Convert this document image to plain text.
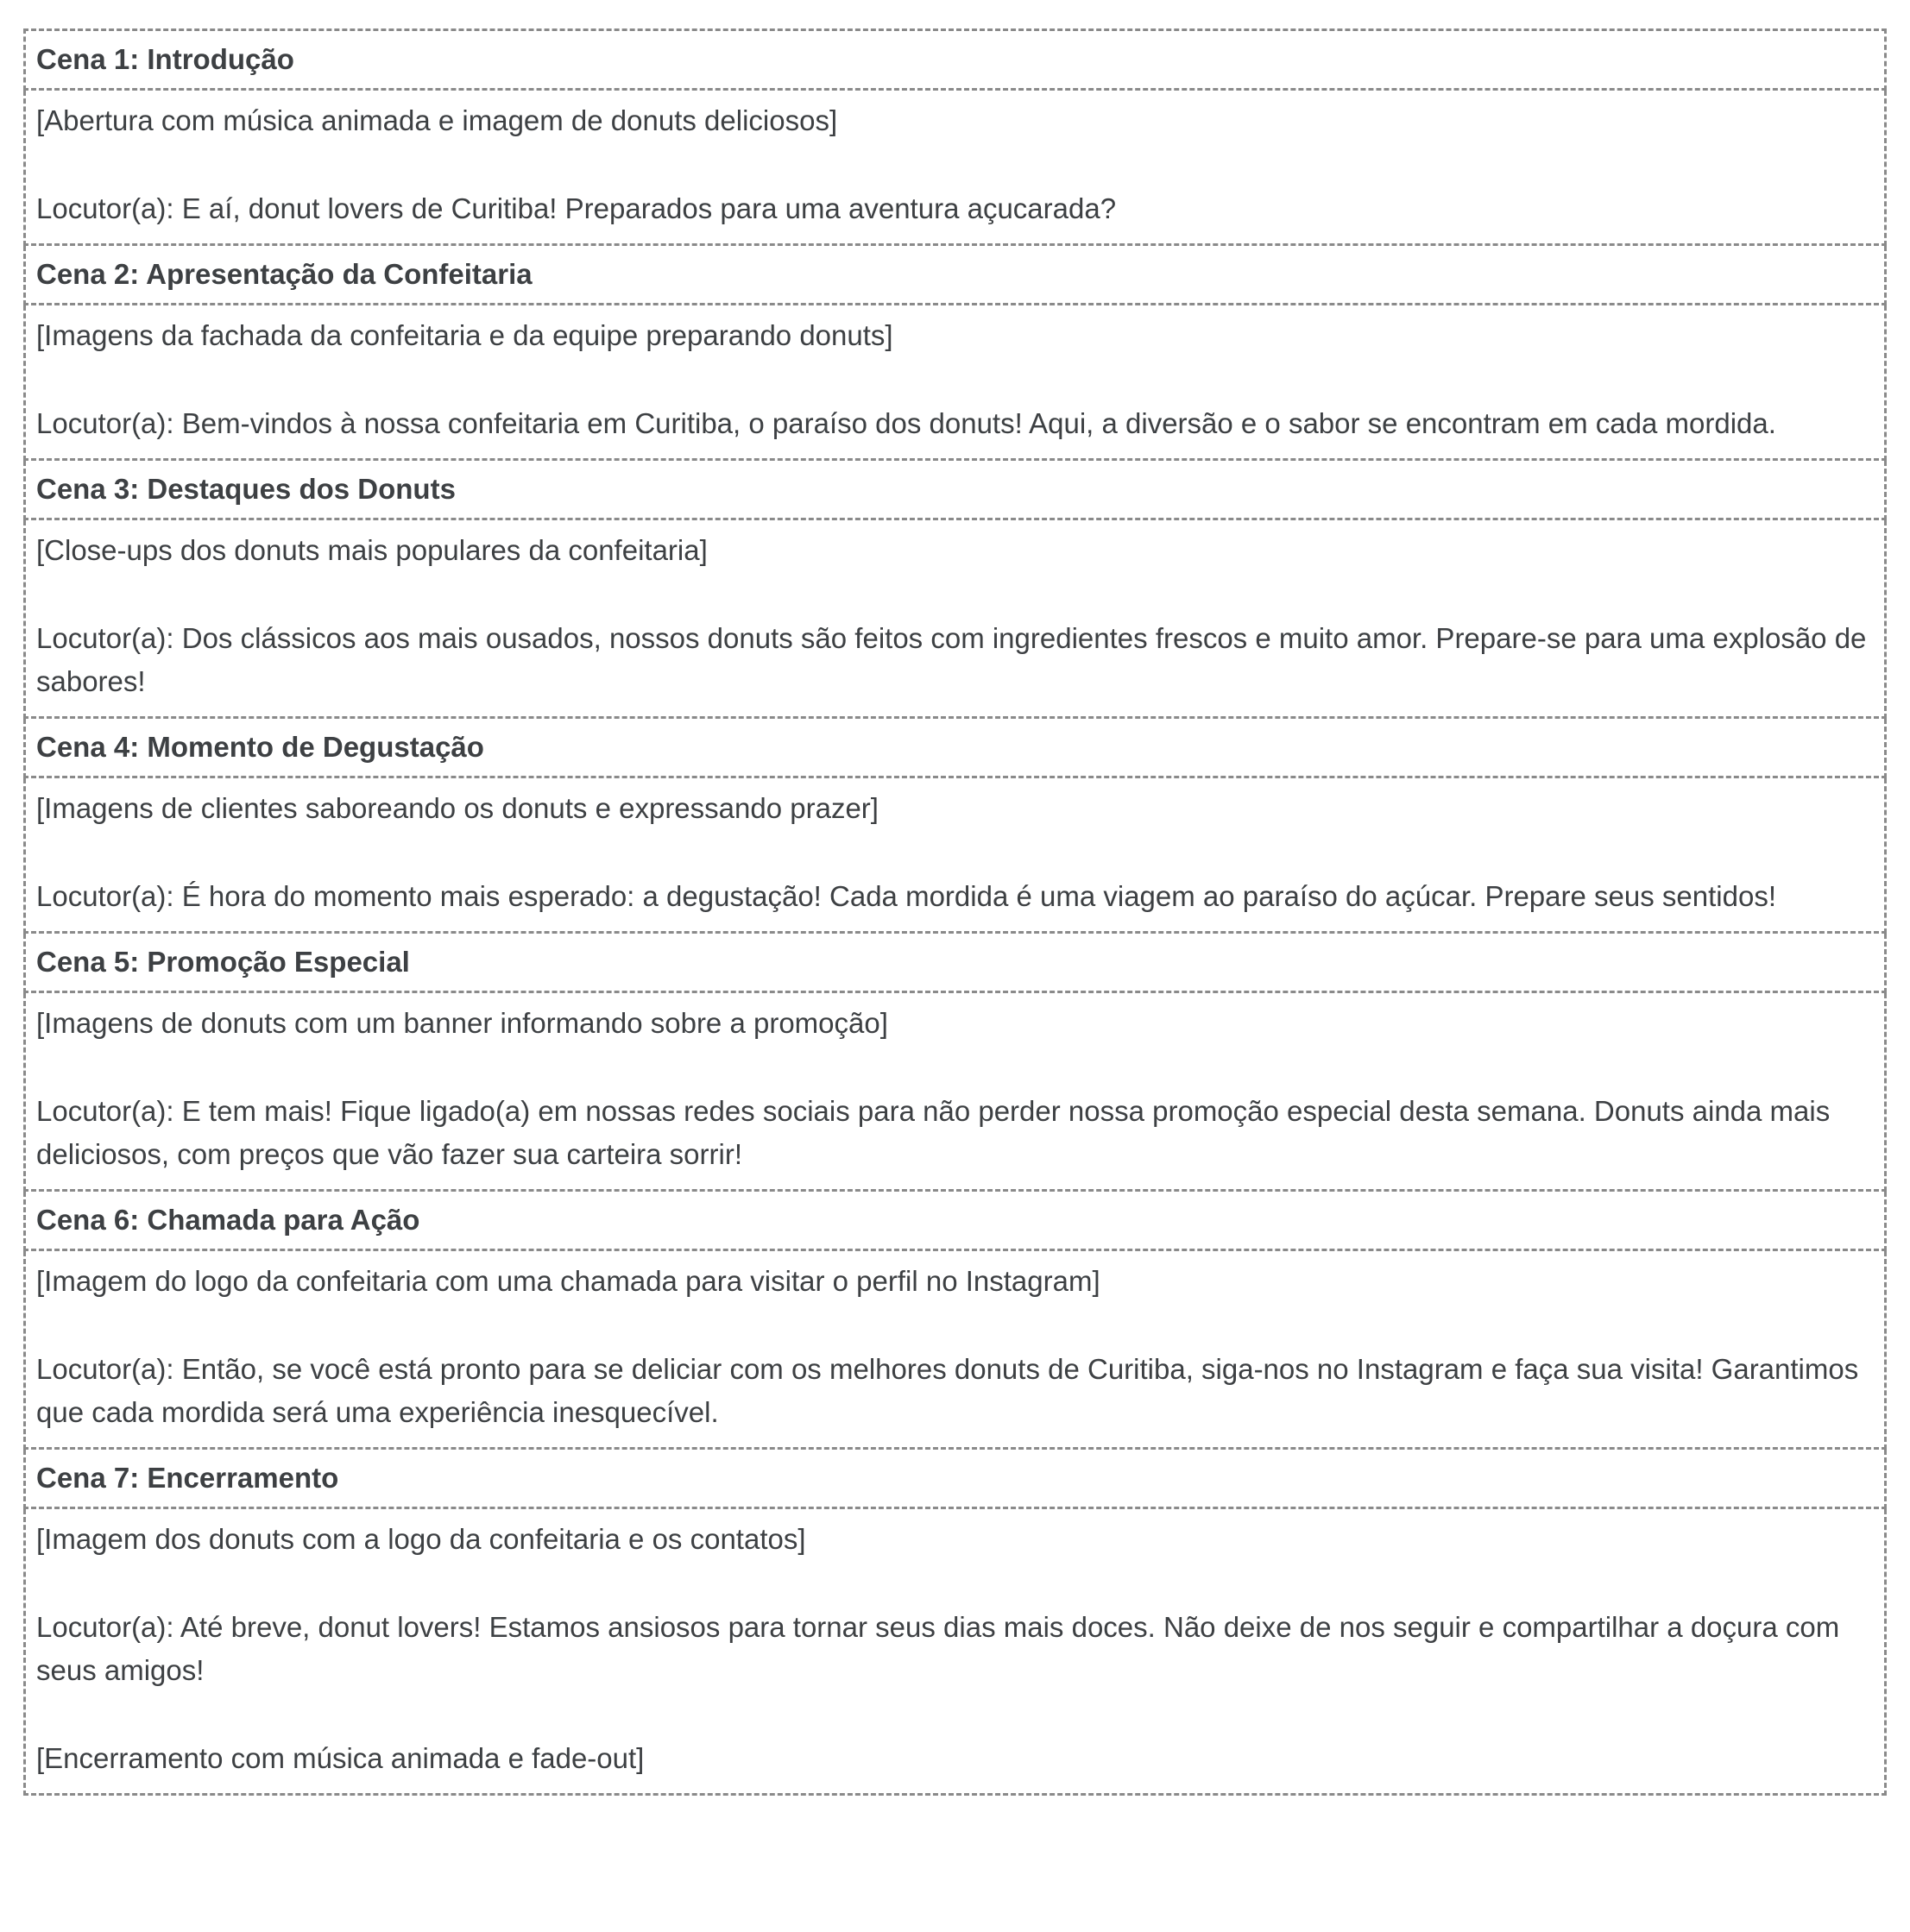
Cena 1: Introdução

[Abertura com música animada e imagem de donuts deliciosos]

Locutor(a): E aí, donut lovers de Curitiba! Preparados para uma aventura açucarada?

Cena 2: Apresentação da Confeitaria

[Imagens da fachada da confeitaria e da equipe preparando donuts]

Locutor(a): Bem-vindos à nossa confeitaria em Curitiba, o paraíso dos donuts! Aqui, a diversão e o sabor se encontram em cada mordida.

Cena 3: Destaques dos Donuts

[Close-ups dos donuts mais populares da confeitaria]

Locutor(a): Dos clássicos aos mais ousados, nossos donuts são feitos com ingredientes frescos e muito amor. Prepare-se para uma explosão de sabores!

Cena 4: Momento de Degustação

[Imagens de clientes saboreando os donuts e expressando prazer]

Locutor(a): É hora do momento mais esperado: a degustação! Cada mordida é uma viagem ao paraíso do açúcar. Prepare seus sentidos!

Cena 5: Promoção Especial

[Imagens de donuts com um banner informando sobre a promoção]

Locutor(a): E tem mais! Fique ligado(a) em nossas redes sociais para não perder nossa promoção especial desta semana. Donuts ainda mais deliciosos, com preços que vão fazer sua carteira sorrir!

Cena 6: Chamada para Ação

[Imagem do logo da confeitaria com uma chamada para visitar o perfil no Instagram]

Locutor(a): Então, se você está pronto para se deliciar com os melhores donuts de Curitiba, siga-nos no Instagram e faça sua visita! Garantimos que cada mordida será uma experiência inesquecível.

Cena 7: Encerramento

[Imagem dos donuts com a logo da confeitaria e os contatos]

Locutor(a): Até breve, donut lovers! Estamos ansiosos para tornar seus dias mais doces. Não deixe de nos seguir e compartilhar a doçura com seus amigos!

[Encerramento com música animada e fade-out]
